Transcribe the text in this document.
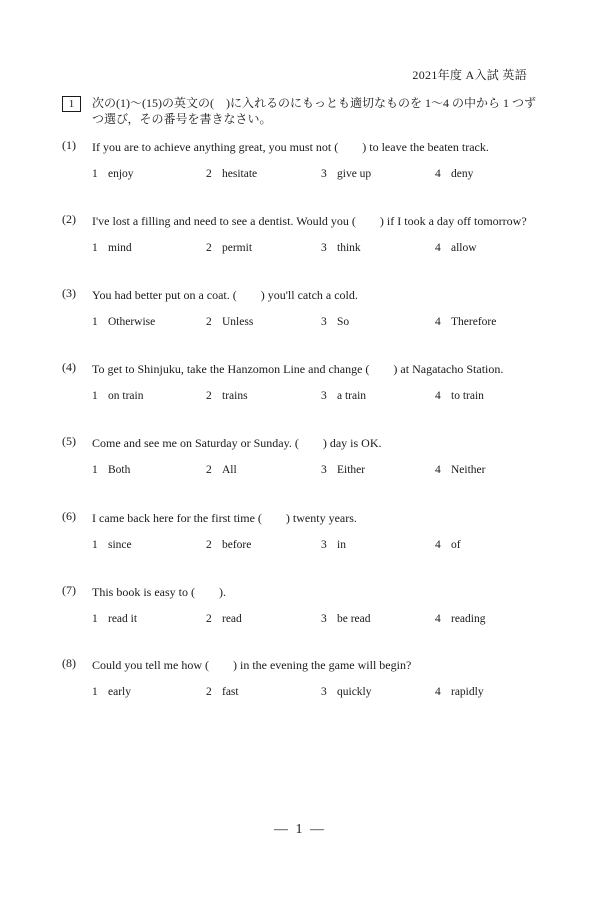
2021年度 A入試 英語
1	次の(1)～(15)の英文の(　)に入れるのにもっとも適切なものを 1～4 の中から 1 つずつ選び，その番号を書きなさい。
(1) If you are to achieve anything great, you must not (　　) to leave the beaten track.
1 enjoy	2 hesitate	3 give up	4 deny
(2) I've lost a filling and need to see a dentist. Would you (　　) if I took a day off tomorrow?
1 mind	2 permit	3 think	4 allow
(3) You had better put on a coat. (　　) you'll catch a cold.
1 Otherwise	2 Unless	3 So	4 Therefore
(4) To get to Shinjuku, take the Hanzomon Line and change (　　) at Nagatacho Station.
1 on train	2 trains	3 a train	4 to train
(5) Come and see me on Saturday or Sunday. (　　) day is OK.
1 Both	2 All	3 Either	4 Neither
(6) I came back here for the first time (　　) twenty years.
1 since	2 before	3 in	4 of
(7) This book is easy to (　　).
1 read it	2 read	3 be read	4 reading
(8) Could you tell me how (　　) in the evening the game will begin?
1 early	2 fast	3 quickly	4 rapidly
— 1 —
